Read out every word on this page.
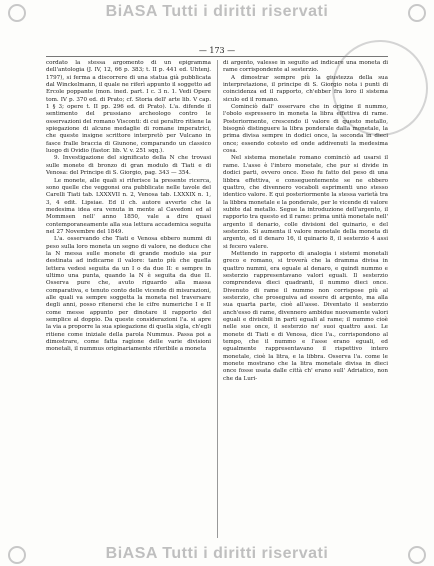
BiASA Tutti i diritti riservati
— 173 —

cordato la stessa argomento di un epigramma dell'antologia (J. IV, 12, 66 p. 383; t. II p. 441 ed. Uhtenj. 1797), si ferma a discorrere di una statua già pubblicata dal Winckelmann, il quale ne riferì appunto il soggetto ad Ercole poppante (mon. ined. part. I c. 3 n. 1. Vedi Opere tom. IV p. 370 ed. di Prato; cf. Storia dell' arte lib. V cap. 1 § 3; opere t. II pp. 296 ed. di Prato). L'a. difende il sentimento del prussiano archeologo contro le osservazioni del romano Visconti: di cui peraltro ritiene la spiegazione di alcune medaglie di romane imperatrici, che queste insigne scrittore interpretò per Vulcano in fasce fralle braccia di Giunone, comparando un classico luogo di Ovidio (fastor. lib. V. v. 251 sqq.).

9. Investigazione del significato della N che trovasi sulle monete di bronzo di gran modulo di Tiati e di Venosa: del Principe di S. Giorgio, pag. 343 — 354.

Le monete, alle quali si riferisce la presente ricerca, sono quelle che veggonsi ora pubblicate nelle tavole del Carelli Tiati tab. LXXXVII n. 2, Venosa tab. LXXXIX n. 1, 3, 4 edit. Lipsiae. Ed il ch. autore avverte che la medesima idea era venuta in mente al Cavedoni ed al Mommsen nell' anno 1850, vale a dire quasi contemporaneamente alla sua lettura accademica seguita nel 27 Novembre del 1849.

L'a. osservando che Tiati e Venosa ebbero nummi di peso sulla loro moneta un segno di valore, ne deduce che la N messa sulle monete di grande modulo sia pur destinata ad indicarne il valore: tanto più che quella lettera vedesi seguita da un I o da due II: e sempre in ultimo una punta, quando la N è seguita da due II. Osserva pure che, avuto riguardo alla massa comparativa, e tenuto conto delle vicende di misurazioni, alle quali va sempre soggetta la moneta nel traversare degli anni, posso ritenersi che le cifre numeriche I e II come messe appunto per dinotare il rapporto del semplice al doppio. Da queste considerazioni l'a. si apre la via a proporre la sua spiegazione di quella sigla, ch'egli ritiene come iniziale della parola Nummus. Passa poi a dimostrare, come fatta ragione delle varie divisioni monetali, il nummus originariamente riferibile a moneta

di argento, valesse in seguito ad indicare una moneta di rame corrispondente al sesterzio.

A dimostrar sempre più la giustezza della sua interpretazione, il principe di S. Giorgio nota i punti di coincidenza ed il rapporto, ch'ebber fra loro il sistema siculo ed il romano.

Cominciò dall' osservare che in origine il nummo, l'obolo espressero in moneta la libra effettiva di rame. Posteriormente, crescendo il valore di questo metallo, bisognò distinguere la libra ponderale dalla monetale, la prima divisa sempre in dodici once, la seconda in dieci once; essendo cotesto ed onde addivenuti la medesima cosa.

Nel sistema monetale romano cominciò ad usarsi il rame. L'asse è l'intero monetale, che pur si divide in dodici parti, ovvero once. Esso fu fatto del peso di una libbra effettiva, e conseguentemente se ne ebbero quattro, che divennero vocaboli esprimenti uno stesso identico valore. E qui posteriormente la stessa varietà tra la libbra monetale e la ponderale, per le vicende di valore subite dal metallo. Segue la introduzione dell'argento, il rapporto tra questo ed il rame: prima unità monetale nell' argento il denario, colle divisioni del quinario, e del sesterzio. Si aumenta il valore monetale della moneta di argento, ed il denaro 16, il quinario 8, il sesterzio 4 assi si fecero valere.

Mettendo in rapporto di analogia i sistemi monetali greco e romano, si troverà che la dramma divisa in quattro nummi, era eguale al denaro, e quindi nummo e sesterzio rappresentavano valori eguali. Il sesterzio comprendeva dieci quadranti, il nummo dieci once. Divenuto di rame il nummo non corrispose più al sesterzio, che proseguiva ad essere di argento, ma alla sua quarta parte, cioè all'asse. Diventato il sesterzio anch'esso di rame, divennero ambidue nuovamente valori eguali e divisibili in parti eguali al rame; il nummo cioè nelle sue once, il sesterzio ne' suoi quattro assi. Le monete di Tiati e di Venosa, dice l'a., corrispondono al tempo, che il nummo e l'asse erano eguali, ed egualmente rappresentavano il rispettivo intero monetale, cioè la litra, e la libbra. Osserva l'a. come le monete mostrano che la litra monetale divisa in dieci once fosse usata dalle città ch' erano sull' Adriatico, non che da Luri-

BiASA Tutti i diritti riservati
